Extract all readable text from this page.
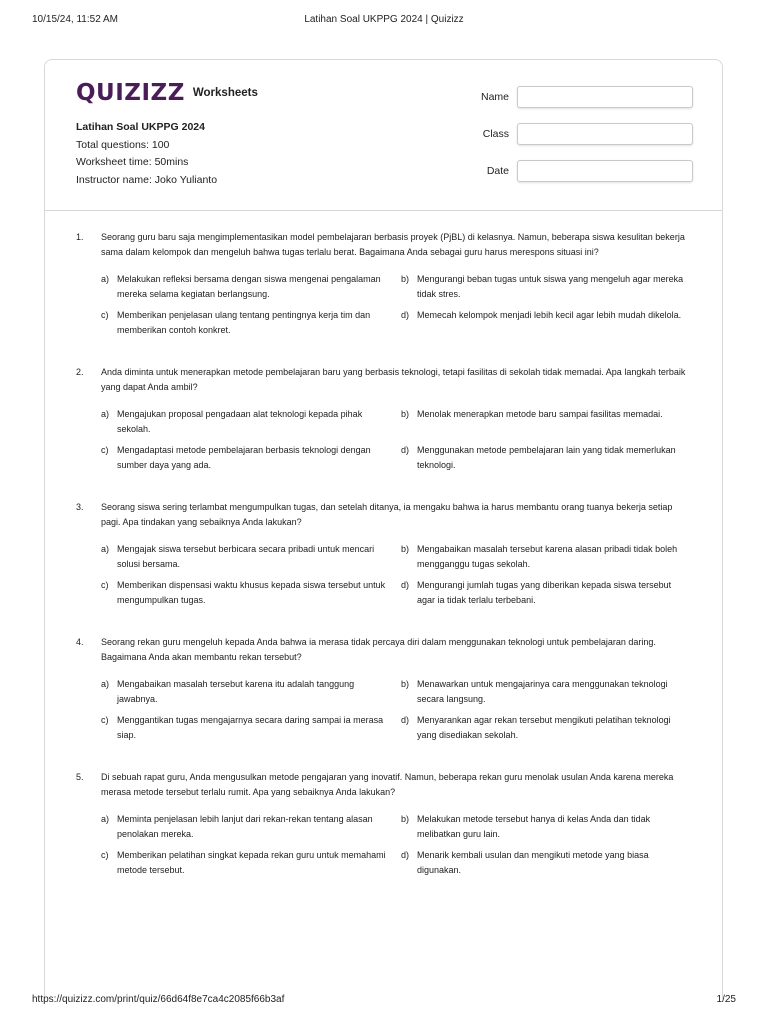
10/15/24, 11:52 AM	Latihan Soal UKPPG 2024 | Quizizz
QUIZIZZ Worksheets
Latihan Soal UKPPG 2024
Total questions: 100
Worksheet time: 50mins
Instructor name: Joko Yulianto
Name
Class
Date
1.	Seorang guru baru saja mengimplementasikan model pembelajaran berbasis proyek (PjBL) di kelasnya. Namun, beberapa siswa kesulitan bekerja sama dalam kelompok dan mengeluh bahwa tugas terlalu berat. Bagaimana Anda sebagai guru harus merespons situasi ini?
a) Melakukan refleksi bersama dengan siswa mengenai pengalaman mereka selama kegiatan berlangsung.
b) Mengurangi beban tugas untuk siswa yang mengeluh agar mereka tidak stres.
c) Memberikan penjelasan ulang tentang pentingnya kerja tim dan memberikan contoh konkret.
d) Memecah kelompok menjadi lebih kecil agar lebih mudah dikelola.
2.	Anda diminta untuk menerapkan metode pembelajaran baru yang berbasis teknologi, tetapi fasilitas di sekolah tidak memadai. Apa langkah terbaik yang dapat Anda ambil?
a) Mengajukan proposal pengadaan alat teknologi kepada pihak sekolah.
b) Menolak menerapkan metode baru sampai fasilitas memadai.
c) Mengadaptasi metode pembelajaran berbasis teknologi dengan sumber daya yang ada.
d) Menggunakan metode pembelajaran lain yang tidak memerlukan teknologi.
3.	Seorang siswa sering terlambat mengumpulkan tugas, dan setelah ditanya, ia mengaku bahwa ia harus membantu orang tuanya bekerja setiap pagi. Apa tindakan yang sebaiknya Anda lakukan?
a) Mengajak siswa tersebut berbicara secara pribadi untuk mencari solusi bersama.
b) Mengabaikan masalah tersebut karena alasan pribadi tidak boleh mengganggu tugas sekolah.
c) Memberikan dispensasi waktu khusus kepada siswa tersebut untuk mengumpulkan tugas.
d) Mengurangi jumlah tugas yang diberikan kepada siswa tersebut agar ia tidak terlalu terbebani.
4.	Seorang rekan guru mengeluh kepada Anda bahwa ia merasa tidak percaya diri dalam menggunakan teknologi untuk pembelajaran daring. Bagaimana Anda akan membantu rekan tersebut?
a) Mengabaikan masalah tersebut karena itu adalah tanggung jawabnya.
b) Menawarkan untuk mengajarinya cara menggunakan teknologi secara langsung.
c) Menggantikan tugas mengajarnya secara daring sampai ia merasa siap.
d) Menyarankan agar rekan tersebut mengikuti pelatihan teknologi yang disediakan sekolah.
5.	Di sebuah rapat guru, Anda mengusulkan metode pengajaran yang inovatif. Namun, beberapa rekan guru menolak usulan Anda karena mereka merasa metode tersebut terlalu rumit. Apa yang sebaiknya Anda lakukan?
a) Meminta penjelasan lebih lanjut dari rekan-rekan tentang alasan penolakan mereka.
b) Melakukan metode tersebut hanya di kelas Anda dan tidak melibatkan guru lain.
c) Memberikan pelatihan singkat kepada rekan guru untuk memahami metode tersebut.
d) Menarik kembali usulan dan mengikuti metode yang biasa digunakan.
https://quizizz.com/print/quiz/66d64f8e7ca4c2085f66b3af	1/25
